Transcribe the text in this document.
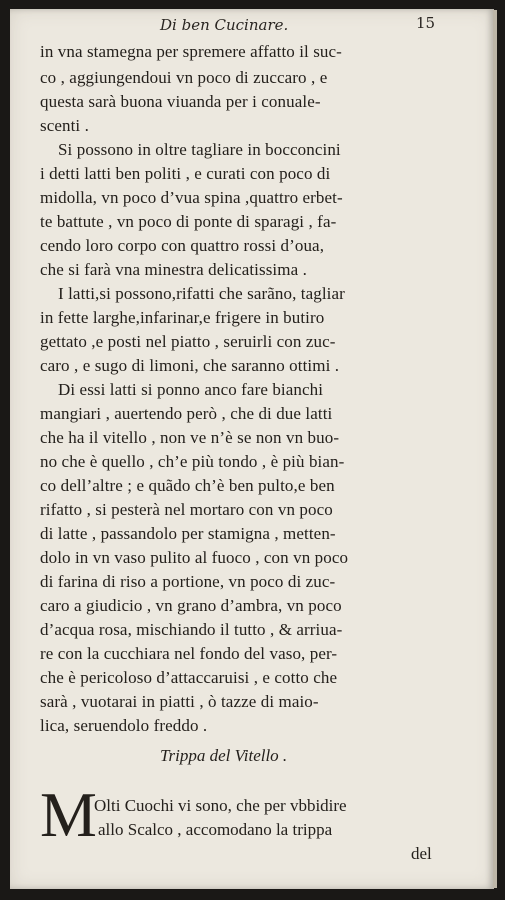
Di ben Cucinare.	15
in vna stamegna per spremere affatto il suc-
co , aggiungendoui vn poco di zuccaro , e
questa sarà buona viuanda per i conuale-
scenti .
Si possono in oltre tagliare in bocconcini
i detti latti ben politi , e curati con poco di
midolla, vn poco d’vua spina ,quattro erbet-
te battute , vn poco di ponte di sparagi , fa-
cendo loro corpo con quattro rossi d’oua,
che si farà vna minestra delicatissima .
I latti,si possono,rifatti che sarãno, tagliar
in fette larghe,infarinar,e frigere in butiro
gettato ,e posti nel piatto , seruirli con zuc-
caro , e sugo di limoni, che saranno ottimi .
Di essi latti si ponno anco fare bianchi
mangiari , auertendo però , che di due latti
che ha il vitello , non ve n’è se non vn buo-
no che è quello , ch’e più tondo , è più bian-
co dell’altre ; e quãdo ch’è ben pulto,e ben
rifatto , si pesterà nel mortaro con vn poco
di latte , passandolo per stamigna , metten-
dolo in vn vaso pulito al fuoco , con vn poco
di farina di riso a portione, vn poco di zuc-
caro a giudicio , vn grano d’ambra, vn poco
d’acqua rosa, mischiando il tutto , & arriua-
re con la cucchiara nel fondo del vaso, per-
che è pericoloso d’attaccaruisi , e cotto che
sarà , vuotarai in piatti , ò tazze di maio-
lica, seruendolo freddo .
Trippa del Vitello .
M
Olti Cuochi vi sono, che per vbbidire
allo Scalco , accomodano la trippa
del
